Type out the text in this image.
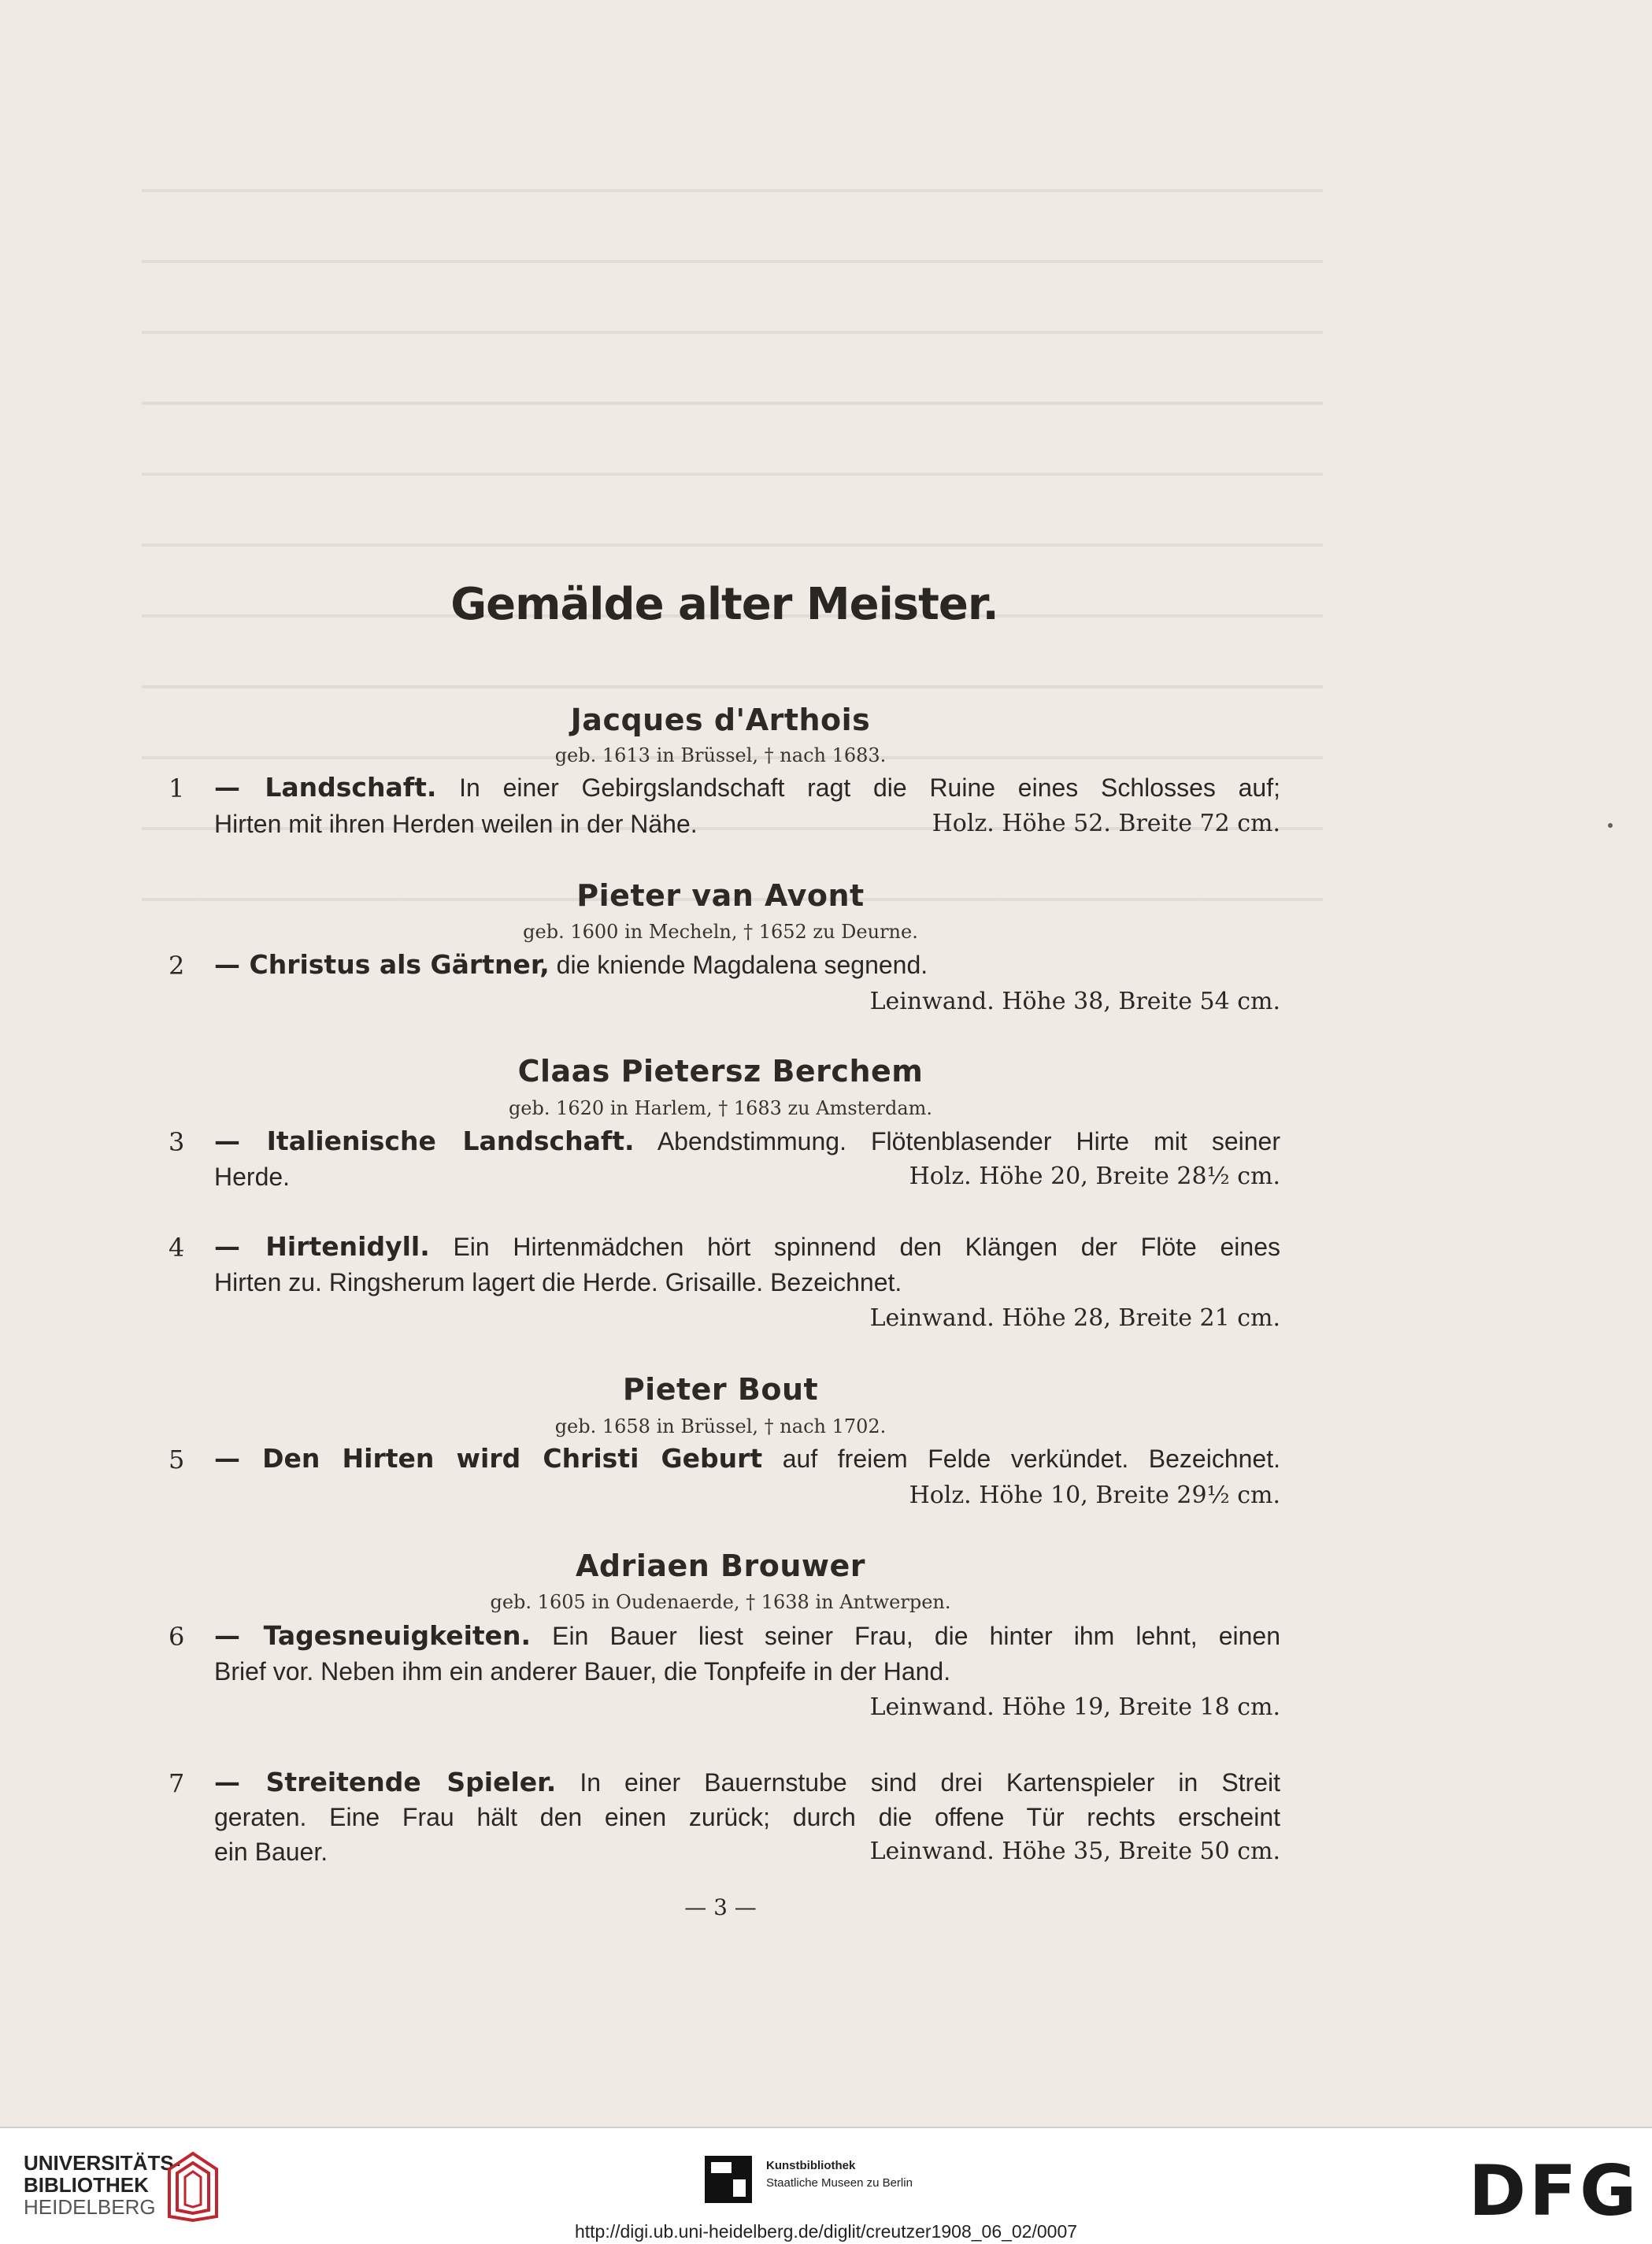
Gemälde alter Meister.
Jacques d'Arthois
geb. 1613 in Brüssel, † nach 1683.
1 — Landschaft. In einer Gebirgslandschaft ragt die Ruine eines Schlosses auf;
Hirten mit ihren Herden weilen in der Nähe.	Holz. Höhe 52. Breite 72 cm.
Pieter van Avont
geb. 1600 in Mecheln, † 1652 zu Deurne.
2 — Christus als Gärtner, die kniende Magdalena segnend.
Leinwand. Höhe 38, Breite 54 cm.
Claas Pietersz Berchem
geb. 1620 in Harlem, † 1683 zu Amsterdam.
3 — Italienische Landschaft. Abendstimmung. Flötenblasender Hirte mit seiner
Herde.	Holz. Höhe 20, Breite 28½ cm.
4 — Hirtenidyll. Ein Hirtenmädchen hört spinnend den Klängen der Flöte eines
Hirten zu. Ringsherum lagert die Herde. Grisaille. Bezeichnet.
Leinwand. Höhe 28, Breite 21 cm.
Pieter Bout
geb. 1658 in Brüssel, † nach 1702.
5 — Den Hirten wird Christi Geburt auf freiem Felde verkündet. Bezeichnet.
Holz. Höhe 10, Breite 29½ cm.
Adriaen Brouwer
geb. 1605 in Oudenaerde, † 1638 in Antwerpen.
6 — Tagesneuigkeiten. Ein Bauer liest seiner Frau, die hinter ihm lehnt, einen
Brief vor. Neben ihm ein anderer Bauer, die Tonpfeife in der Hand.
Leinwand. Höhe 19, Breite 18 cm.
7 — Streitende Spieler. In einer Bauernstube sind drei Kartenspieler in Streit
geraten. Eine Frau hält den einen zurück; durch die offene Tür rechts erscheint
ein Bauer.	Leinwand. Höhe 35, Breite 50 cm.
— 3 —
UNIVERSITÄTS-
BIBLIOTHEK
HEIDELBERG
Kunstbibliothek
Staatliche Museen zu Berlin	DFG
http://digi.ub.uni-heidelberg.de/diglit/creutzer1908_06_02/0007
